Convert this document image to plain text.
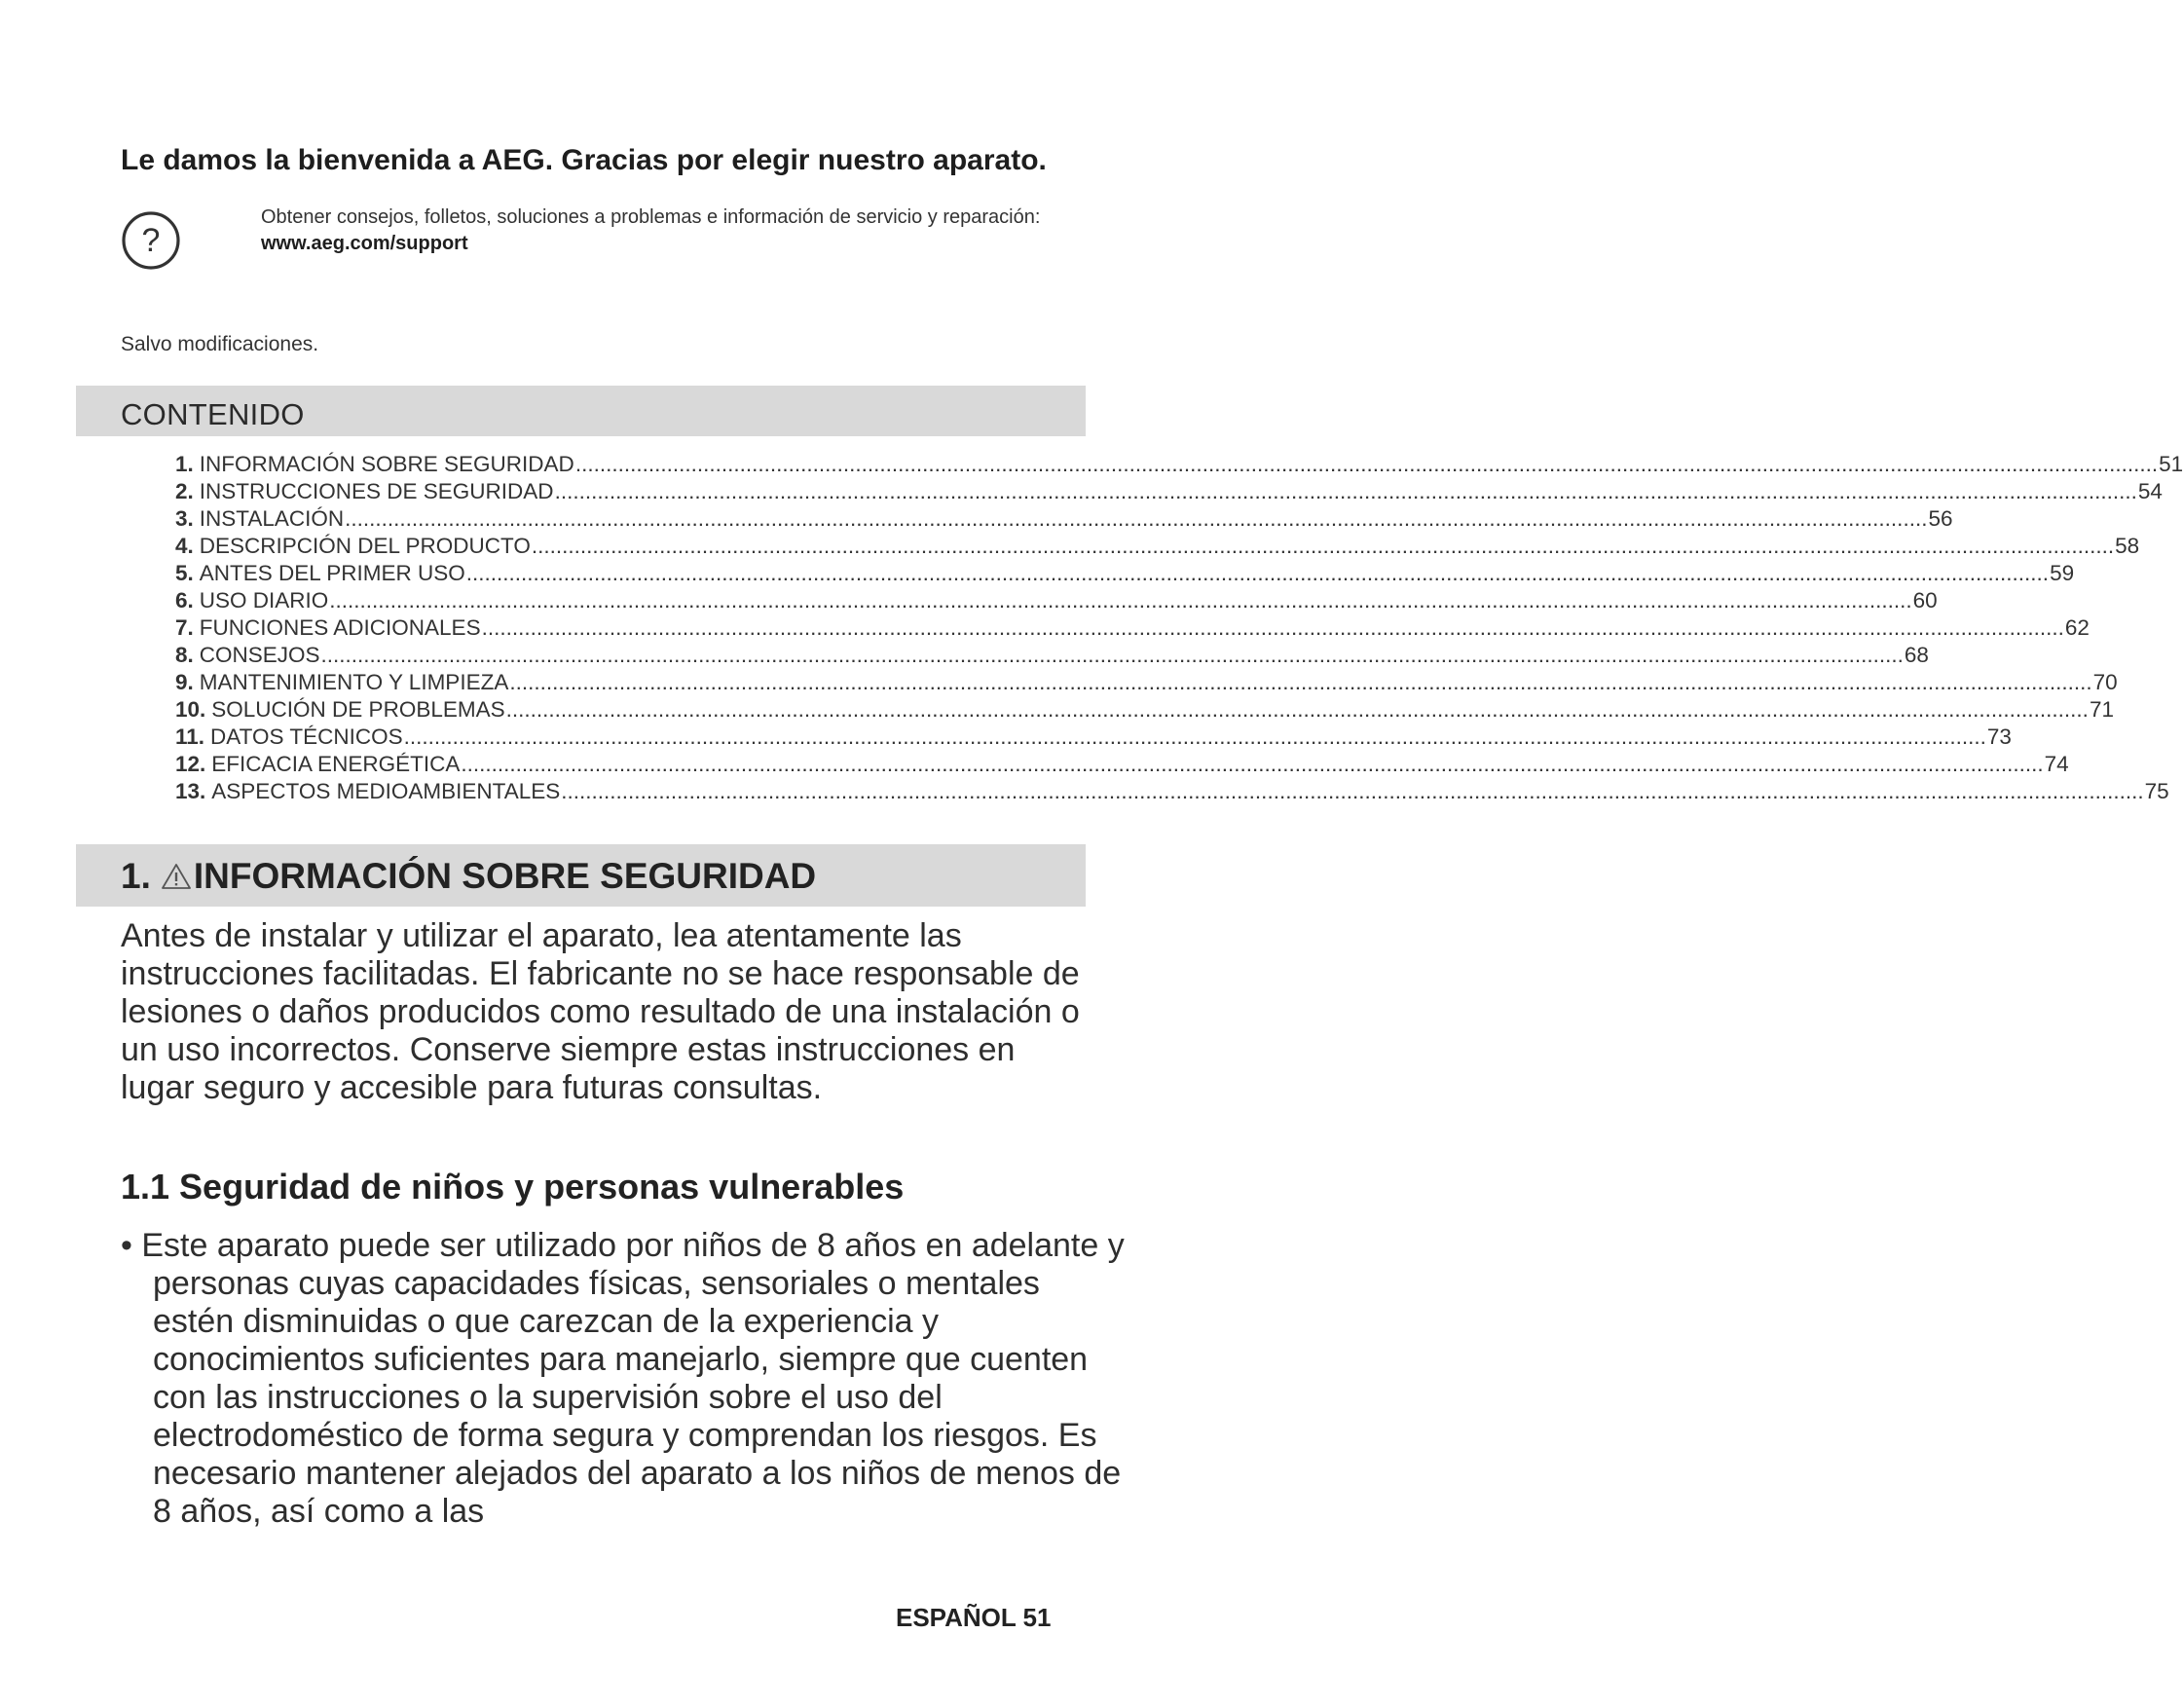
Le damos la bienvenida a AEG. Gracias por elegir nuestro aparato.
?
Obtener consejos, folletos, soluciones a problemas e información de servicio y reparación:
www.aeg.com/support
Salvo modificaciones.
CONTENIDO
1. INFORMACIÓN SOBRE SEGURIDAD .................................................................................................................................................................................................................................................................... 51
2. INSTRUCCIONES DE SEGURIDAD .................................................................................................................................................................................................................................................................... 54
3. INSTALACIÓN .................................................................................................................................................................................................................................................................... 56
4. DESCRIPCIÓN DEL PRODUCTO .................................................................................................................................................................................................................................................................... 58
5. ANTES DEL PRIMER USO .................................................................................................................................................................................................................................................................... 59
6. USO DIARIO .................................................................................................................................................................................................................................................................... 60
7. FUNCIONES ADICIONALES .................................................................................................................................................................................................................................................................... 62
8. CONSEJOS .................................................................................................................................................................................................................................................................... 68
9. MANTENIMIENTO Y LIMPIEZA .................................................................................................................................................................................................................................................................... 70
10. SOLUCIÓN DE PROBLEMAS .................................................................................................................................................................................................................................................................... 71
11. DATOS TÉCNICOS .................................................................................................................................................................................................................................................................... 73
12. EFICACIA ENERGÉTICA .................................................................................................................................................................................................................................................................... 74
13. ASPECTOS MEDIOAMBIENTALES .................................................................................................................................................................................................................................................................... 75
1. INFORMACIÓN SOBRE SEGURIDAD

Antes de instalar y utilizar el aparato, lea atentamente las instrucciones facilitadas. El fabricante no se hace responsable de lesiones o daños producidos como resultado de una instalación o un uso incorrectos. Conserve siempre estas instrucciones en lugar seguro y accesible para futuras consultas.

1.1 Seguridad de niños y personas vulnerables

• Este aparato puede ser utilizado por niños de 8 años en adelante y personas cuyas capacidades físicas, sensoriales o mentales estén disminuidas o que carezcan de la experiencia y conocimientos suficientes para manejarlo, siempre que cuenten con las instrucciones o la supervisión sobre el uso del electrodoméstico de forma segura y comprendan los riesgos. Es necesario mantener alejados del aparato a los niños de menos de 8 años, así como a las

ESPAÑOL 51
